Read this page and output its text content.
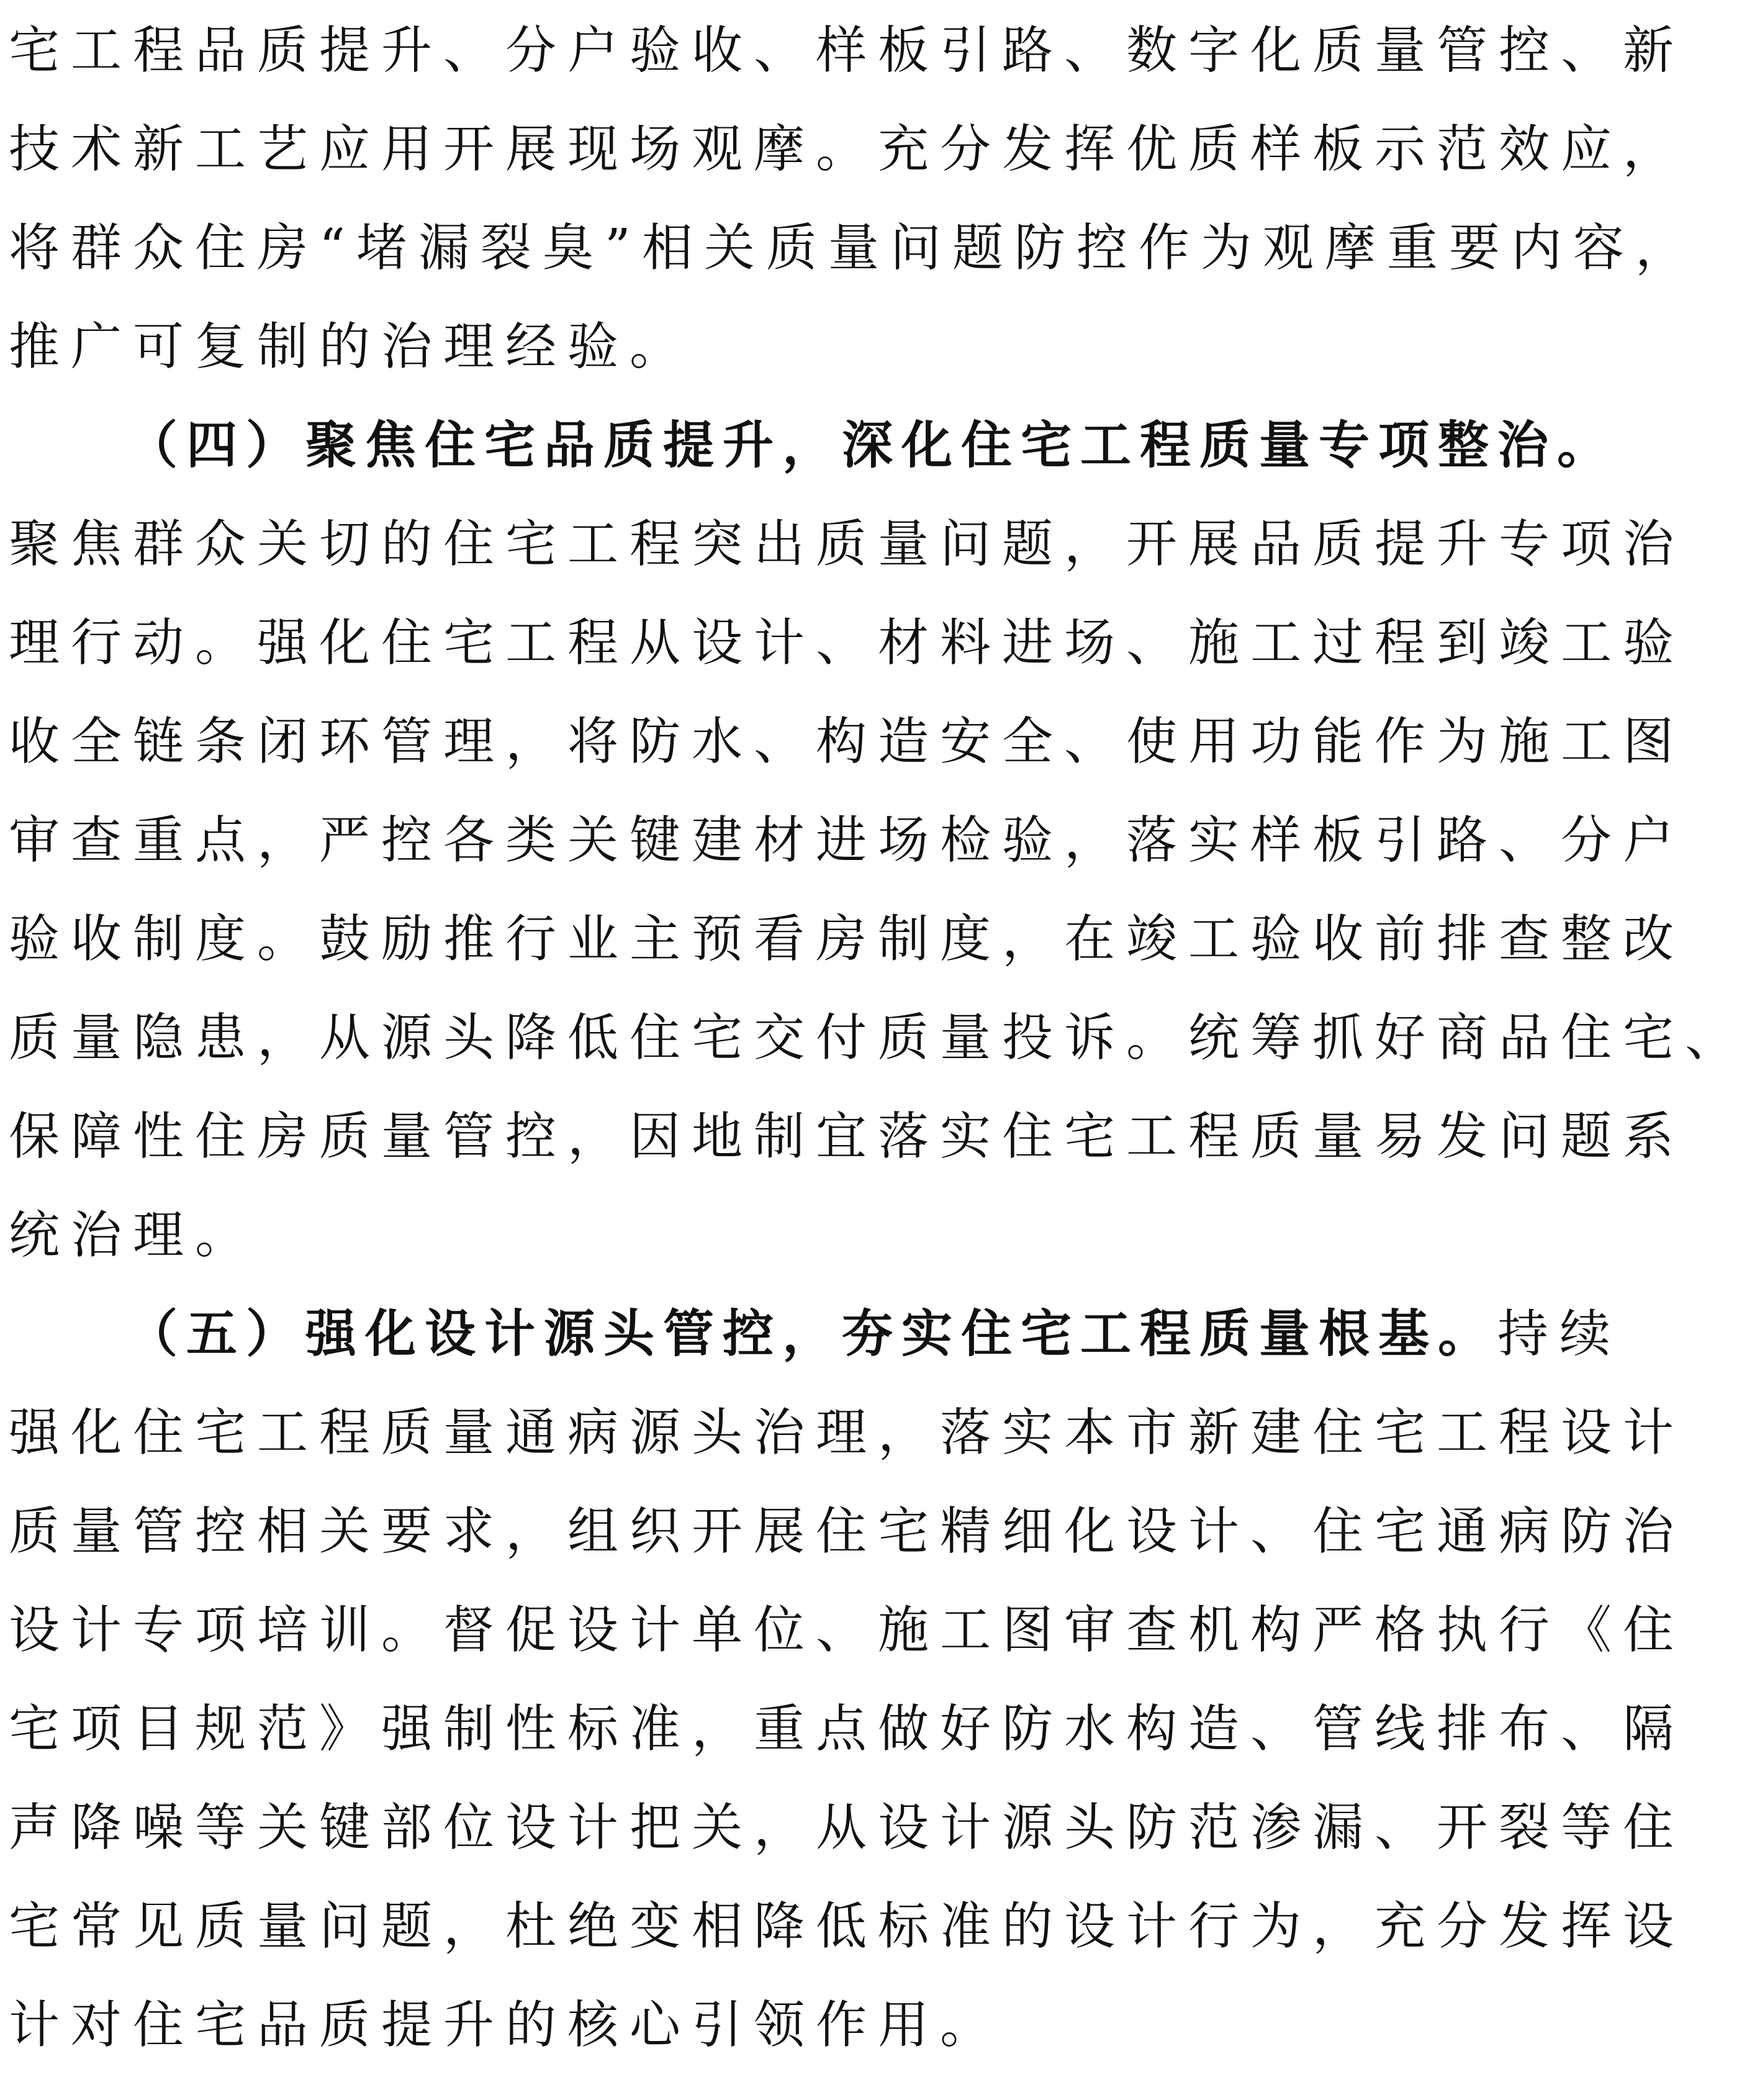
宅工程品质提升、分户验收、样板引路、数字化质量管控、新
技术新工艺应用开展现场观摩。充分发挥优质样板示范效应，
将群众住房“堵漏裂臭”相关质量问题防控作为观摩重要内容，
推广可复制的治理经验。
（四）聚焦住宅品质提升，深化住宅工程质量专项整治。
聚焦群众关切的住宅工程突出质量问题，开展品质提升专项治
理行动。强化住宅工程从设计、材料进场、施工过程到竣工验
收全链条闭环管理，将防水、构造安全、使用功能作为施工图
审查重点，严控各类关键建材进场检验，落实样板引路、分户
验收制度。鼓励推行业主预看房制度，在竣工验收前排查整改
质量隐患，从源头降低住宅交付质量投诉。统筹抓好商品住宅、
保障性住房质量管控，因地制宜落实住宅工程质量易发问题系
统治理。
（五）强化设计源头管控，夯实住宅工程质量根基。持续
强化住宅工程质量通病源头治理，落实本市新建住宅工程设计
质量管控相关要求，组织开展住宅精细化设计、住宅通病防治
设计专项培训。督促设计单位、施工图审查机构严格执行《住
宅项目规范》强制性标准，重点做好防水构造、管线排布、隔
声降噪等关键部位设计把关，从设计源头防范渗漏、开裂等住
宅常见质量问题，杜绝变相降低标准的设计行为，充分发挥设
计对住宅品质提升的核心引领作用。
